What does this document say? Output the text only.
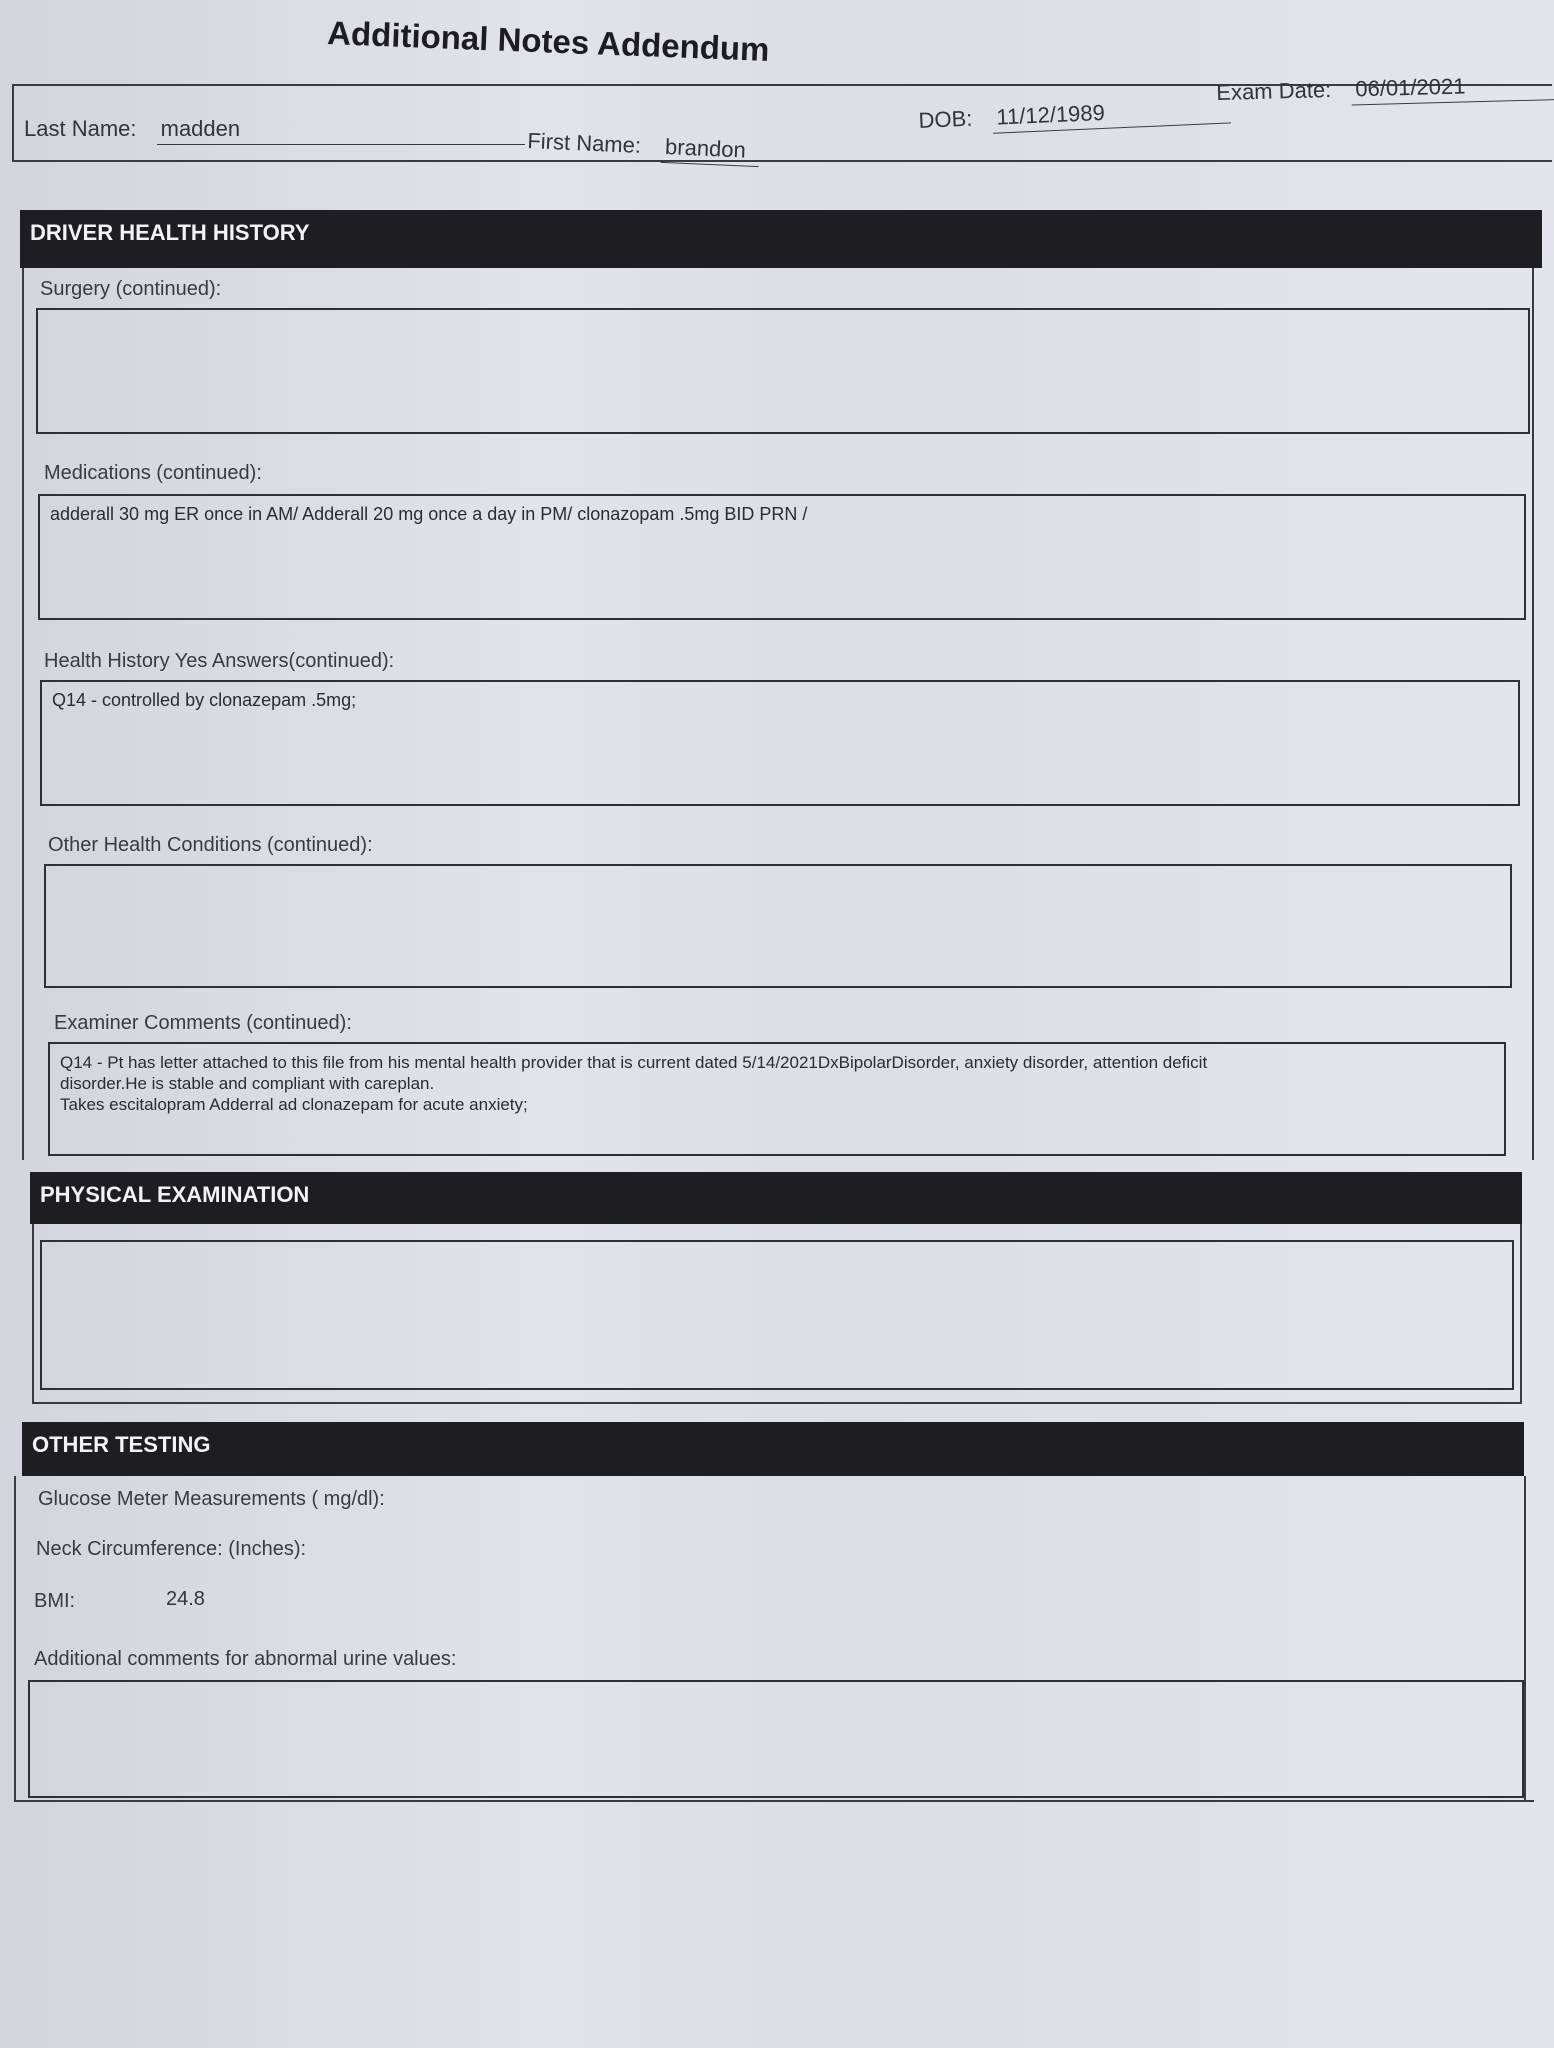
Additional Notes Addendum
Last Name: madden	First Name: brandon
DOB: 11/12/1989
Exam Date: 06/01/2021
DRIVER HEALTH HISTORY
Surgery (continued):
Medications (continued):
adderall 30 mg ER once in AM/ Adderall 20 mg once a day in PM/ clonazopam .5mg BID PRN /
Health History Yes Answers(continued):
Q14 - controlled by clonazepam .5mg;
Other Health Conditions (continued):
Examiner Comments (continued):
Q14 - Pt has letter attached to this file from his mental health provider that is current dated 5/14/2021DxBipolarDisorder, anxiety disorder, attention deficit
disorder.He is stable and compliant with careplan.
Takes escitalopram Adderral ad clonazepam for acute anxiety;
PHYSICAL EXAMINATION
OTHER TESTING
Glucose Meter Measurements ( mg/dl):
Neck Circumference: (Inches):
BMI:	24.8
Additional comments for abnormal urine values:
